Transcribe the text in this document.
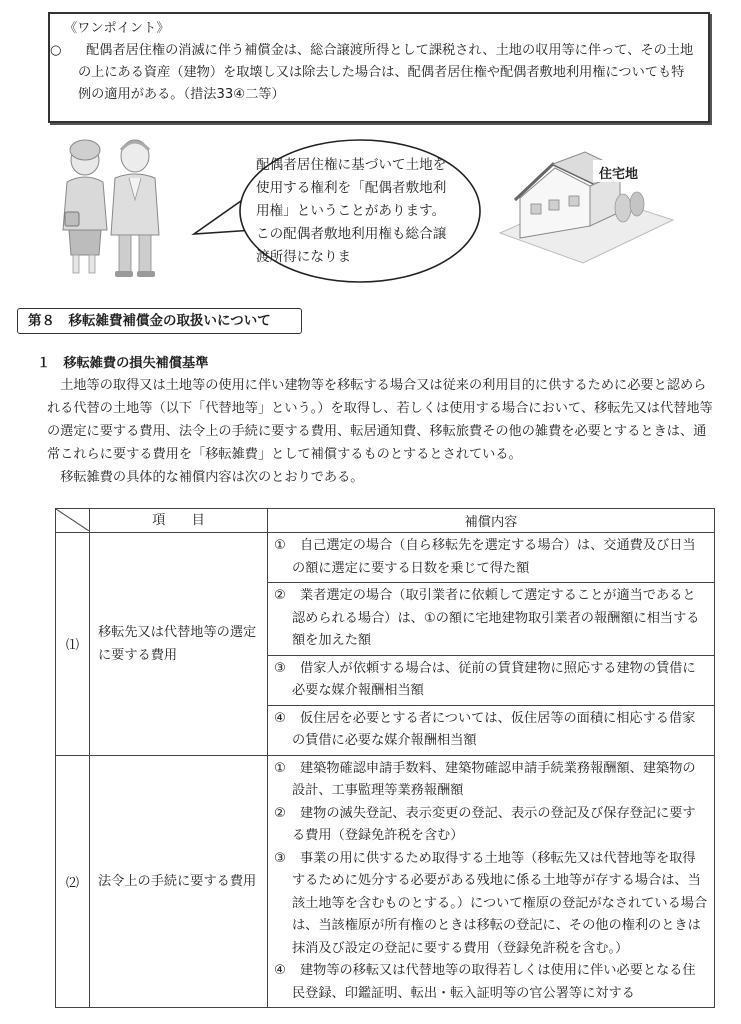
《ワンポイント》
○ 配偶者居住権の消滅に伴う補償金は、総合譲渡所得として課税され、土地の収用等に伴って、その土地の上にある資産（建物）を取壊し又は除去した場合は、配偶者居住権や配偶者敷地利用権についても特例の適用がある。（措法33④二等）
配偶者居住権に基づいて土地を使用する権利を「配偶者敷地利用権」ということがあります。この配偶者敷地利用権も総合譲渡所得になりま
住宅地
第８　移転雑費補償金の取扱いについて
１　移転雑費の損失補償基準

土地等の取得又は土地等の使用に伴い建物等を移転する場合又は従来の利用目的に供するために必要と認められる代替の土地等（以下「代替地等」という。）を取得し、若しくは使用する場合において、移転先又は代替地等の選定に要する費用、法令上の手続に要する費用、転居通知費、移転旅費その他の雑費を必要とするときは、通常これらに要する費用を「移転雑費」として補償するものとするとされている。

移転雑費の具体的な補償内容は次のとおりである。

	項　　目	補償内容
⑴	移転先又は代替地等の選定に要する費用	① 自己選定の場合（自ら移転先を選定する場合）は、交通費及び日当の額に選定に要する日数を乗じて得た額

		② 業者選定の場合（取引業者に依頼して選定することが適当であると認められる場合）は、①の額に宅地建物取引業者の報酬額に相当する額を加えた額

		③ 借家人が依頼する場合は、従前の賃貸建物に照応する建物の賃借に必要な媒介報酬相当額

		④ 仮住居を必要とする者については、仮住居等の面積に相応する借家の賃借に必要な媒介報酬相当額

⑵	法令上の手続に要する費用	① 建築物確認申請手数料、建築物確認申請手続業務報酬額、建築物の設計、工事監理等業務報酬額
② 建物の滅失登記、表示変更の登記、表示の登記及び保存登記に要する費用（登録免許税を含む）
③ 事業の用に供するため取得する土地等（移転先又は代替地等を取得するために処分する必要がある残地に係る土地等が存する場合は、当該土地等を含むものとする。）について権原の登記がなされている場合は、当該権原が所有権のときは移転の登記に、その他の権利のときは抹消及び設定の登記に要する費用（登録免許税を含む。）
④ 建物等の移転又は代替地等の取得若しくは使用に伴い必要となる住民登録、印鑑証明、転出・転入証明等の官公署等に対する
